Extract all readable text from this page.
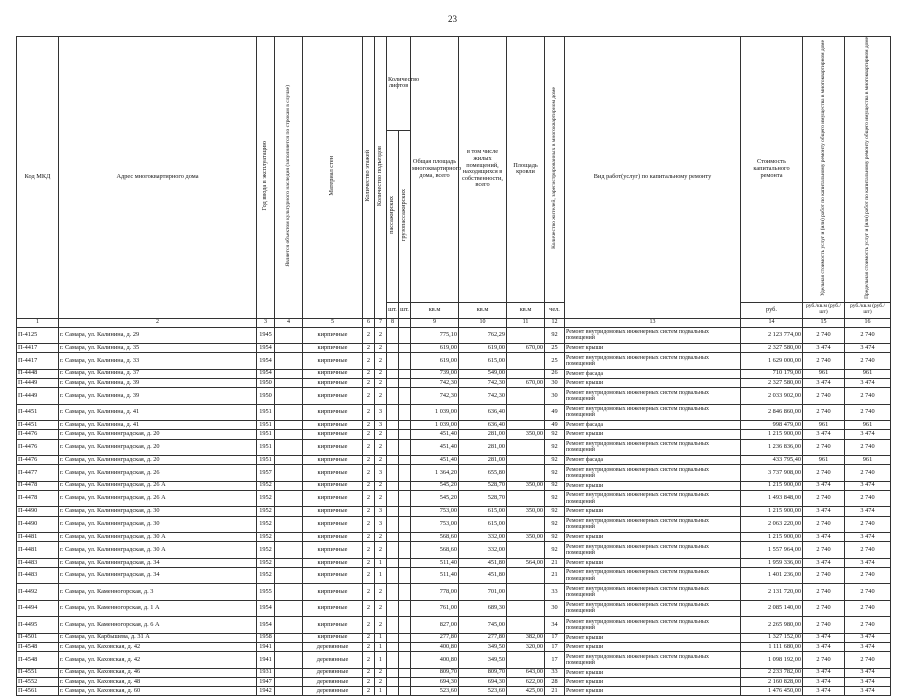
23
Код МКД	Адрес многоквартирного дома	Год ввода в эксплуатацию	Является объектом культурного наследия (заполняется по строкам в случае)	Материал стен	Количество этажей	Количество подъездов	Количество лифтов		Общая площадь многоквартирного дома, всего	в том числе жилых помещений, находящихся в собственности, всего	Площадь кровли	Количество жителей, зарегистрированных в многоквартирном доме	Вид работ(услуг) по капитальному ремонту	Стоимость капитального ремонта	Удельная стоимость услуг и (или) работ по капитальному ремонту общего имущества в многоквартирном доме	Предельная стоимость услуг и (или) работ по капитальному ремонту общего имущества в многоквартирном доме
							пассажирских	грузопассажирских								
							шт.	шт.	кв.м	кв.м	кв.м	чел.		руб.	руб./кв.м (руб./шт)	руб./кв.м (руб./шт)
1	2	3	4	5	6	7	8		9	10	11	12	13	14	15	16
П-4125	г. Самара, ул. Калинина, д. 29	1945		кирпичные	2	2			775,10	762,29		92	Ремонт внутридомовых инженерных систем подвальных помещений	2 123 774,00	2 740	2 740
П-4417	г. Самара, ул. Калинина, д. 35	1954		кирпичные	2	2			619,00	619,00	670,00	25	Ремонт крыши	2 327 580,00	3 474	3 474
П-4417	г. Самара, ул. Калинина, д. 33	1954		кирпичные	2	2			619,00	615,00		25	Ремонт внутридомовых инженерных систем подвальных помещений	1 629 000,00	2 740	2 740
П-4448	г. Самара, ул. Калинина, д. 37	1954		кирпичные	2	2			739,00	549,00		26	Ремонт фасада	710 179,00	961	961
П-4449	г. Самара, ул. Калинина, д. 39	1950		кирпичные	2	2			742,30	742,30	670,00	30	Ремонт крыши	2 327 580,00	3 474	3 474
П-4449	г. Самара, ул. Калинина, д. 39	1950		кирпичные	2	2			742,30	742,30		30	Ремонт внутридомовых инженерных систем подвальных помещений	2 033 902,00	2 740	2 740
П-4451	г. Самара, ул. Калинина, д. 41	1951		кирпичные	2	3			1 039,00	636,40		49	Ремонт внутридомовых инженерных систем подвальных помещений	2 846 860,00	2 740	2 740
П-4451	г. Самара, ул. Калинина, д. 41	1951		кирпичные	2	3			1 039,00	636,40		49	Ремонт фасада	998 479,00	961	961
П-4476	г. Самара, ул. Калининградская, д. 20	1951		кирпичные	2	2			451,40	281,00	350,00	92	Ремонт крыши	1 215 900,00	3 474	3 474
П-4476	г. Самара, ул. Калининградская, д. 20	1951		кирпичные	2	2			451,40	281,00		92	Ремонт внутридомовых инженерных систем подвальных помещений	1 236 836,00	2 740	2 740
П-4476	г. Самара, ул. Калининградская, д. 20	1951		кирпичные	2	2			451,40	281,00		92	Ремонт фасада	433 795,40	961	961
П-4477	г. Самара, ул. Калининградская, д. 26	1957		кирпичные	2	3			1 364,20	655,80		92	Ремонт внутридомовых инженерных систем подвальных помещений	3 737 908,00	2 740	2 740
П-4478	г. Самара, ул. Калининградская, д. 26 А	1952		кирпичные	2	2			545,20	528,70	350,00	92	Ремонт крыши	1 215 900,00	3 474	3 474
П-4478	г. Самара, ул. Калининградская, д. 26 А	1952		кирпичные	2	2			545,20	528,70		92	Ремонт внутридомовых инженерных систем подвальных помещений	1 493 848,00	2 740	2 740
П-4490	г. Самара, ул. Калининградская, д. 30	1952		кирпичные	2	3			753,00	615,00	350,00	92	Ремонт крыши	1 215 900,00	3 474	3 474
П-4490	г. Самара, ул. Калининградская, д. 30	1952		кирпичные	2	3			753,00	615,00		92	Ремонт внутридомовых инженерных систем подвальных помещений	2 063 220,00	2 740	2 740
П-4481	г. Самара, ул. Калининградская, д. 30 А	1952		кирпичные	2	2			568,60	332,00	350,00	92	Ремонт крыши	1 215 900,00	3 474	3 474
П-4481	г. Самара, ул. Калининградская, д. 30 А	1952		кирпичные	2	2			568,60	332,00		92	Ремонт внутридомовых инженерных систем подвальных помещений	1 557 964,00	2 740	2 740
П-4483	г. Самара, ул. Калининградская, д. 34	1952		кирпичные	2	1			511,40	451,80	564,00	21	Ремонт крыши	1 959 336,00	3 474	3 474
П-4483	г. Самара, ул. Калининградская, д. 34	1952		кирпичные	2	1			511,40	451,80		21	Ремонт внутридомовых инженерных систем подвальных помещений	1 401 236,00	2 740	2 740
П-4492	г. Самара, ул. Каменногорская, д. 3	1955		кирпичные	2	2			778,00	701,00		33	Ремонт внутридомовых инженерных систем подвальных помещений	2 131 720,00	2 740	2 740
П-4494	г. Самара, ул. Каменногорская, д. 1 А	1954		кирпичные	2	2			761,00	689,30		30	Ремонт внутридомовых инженерных систем подвальных помещений	2 085 140,00	2 740	2 740
П-4495	г. Самара, ул. Каменногорская, д. 6 А	1954		кирпичные	2	2			827,00	745,00		34	Ремонт внутридомовых инженерных систем подвальных помещений	2 265 980,00	2 740	2 740
П-4501	г. Самара, ул. Карбышева, д. 31 А	1958		кирпичные	2	1			277,80	277,80	382,00	17	Ремонт крыши	1 327 152,00	3 474	3 474
П-4548	г. Самара, ул. Каховская, д. 42	1941		деревянные	2	1			400,80	349,50	320,00	17	Ремонт крыши	1 111 680,00	3 474	3 474
П-4548	г. Самара, ул. Каховская, д. 42	1941		деревянные	2	1			400,80	349,50		17	Ремонт внутридомовых инженерных систем подвальных помещений	1 098 192,00	2 740	2 740
П-4551	г. Самара, ул. Каховская, д. 46	1931		деревянные	2	2			809,70	809,70	643,00	33	Ремонт крыши	2 233 782,00	3 474	3 474
П-4552	г. Самара, ул. Каховская, д. 48	1947		деревянные	2	2			694,30	694,30	622,00	28	Ремонт крыши	2 160 828,00	3 474	3 474
П-4561	г. Самара, ул. Каховская, д. 60	1942		деревянные	2	1			523,60	523,60	425,00	21	Ремонт крыши	1 476 450,00	3 474	3 474
